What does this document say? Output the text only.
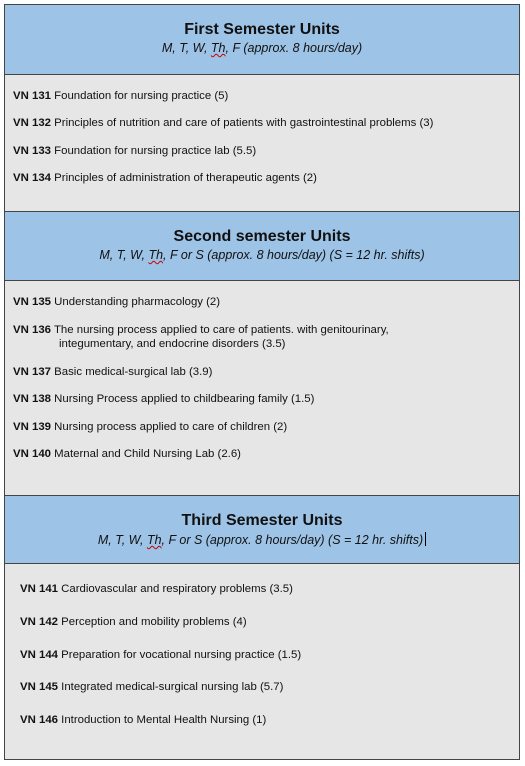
First Semester Units
M, T, W, Th, F (approx. 8 hours/day)
VN 131 Foundation for nursing practice (5)
VN 132 Principles of nutrition and care of patients with gastrointestinal problems (3)
VN 133 Foundation for nursing practice lab (5.5)
VN 134 Principles of administration of therapeutic agents (2)
Second semester Units
M, T, W, Th, F or S (approx. 8 hours/day) (S = 12 hr. shifts)
VN 135 Understanding pharmacology (2)
VN 136 The nursing process applied to care of patients. with genitourinary,
integumentary, and endocrine disorders (3.5)
VN 137 Basic medical-surgical lab (3.9)
VN 138 Nursing Process applied to childbearing family (1.5)
VN 139 Nursing process applied to care of children (2)
VN 140 Maternal and Child Nursing Lab (2.6)
Third Semester Units
M, T, W, Th, F or S (approx. 8 hours/day) (S = 12 hr. shifts)
VN 141 Cardiovascular and respiratory problems (3.5)
VN 142 Perception and mobility problems (4)
VN 144 Preparation for vocational nursing practice (1.5)
VN 145 Integrated medical-surgical nursing lab (5.7)
VN 146 Introduction to Mental Health Nursing (1)
